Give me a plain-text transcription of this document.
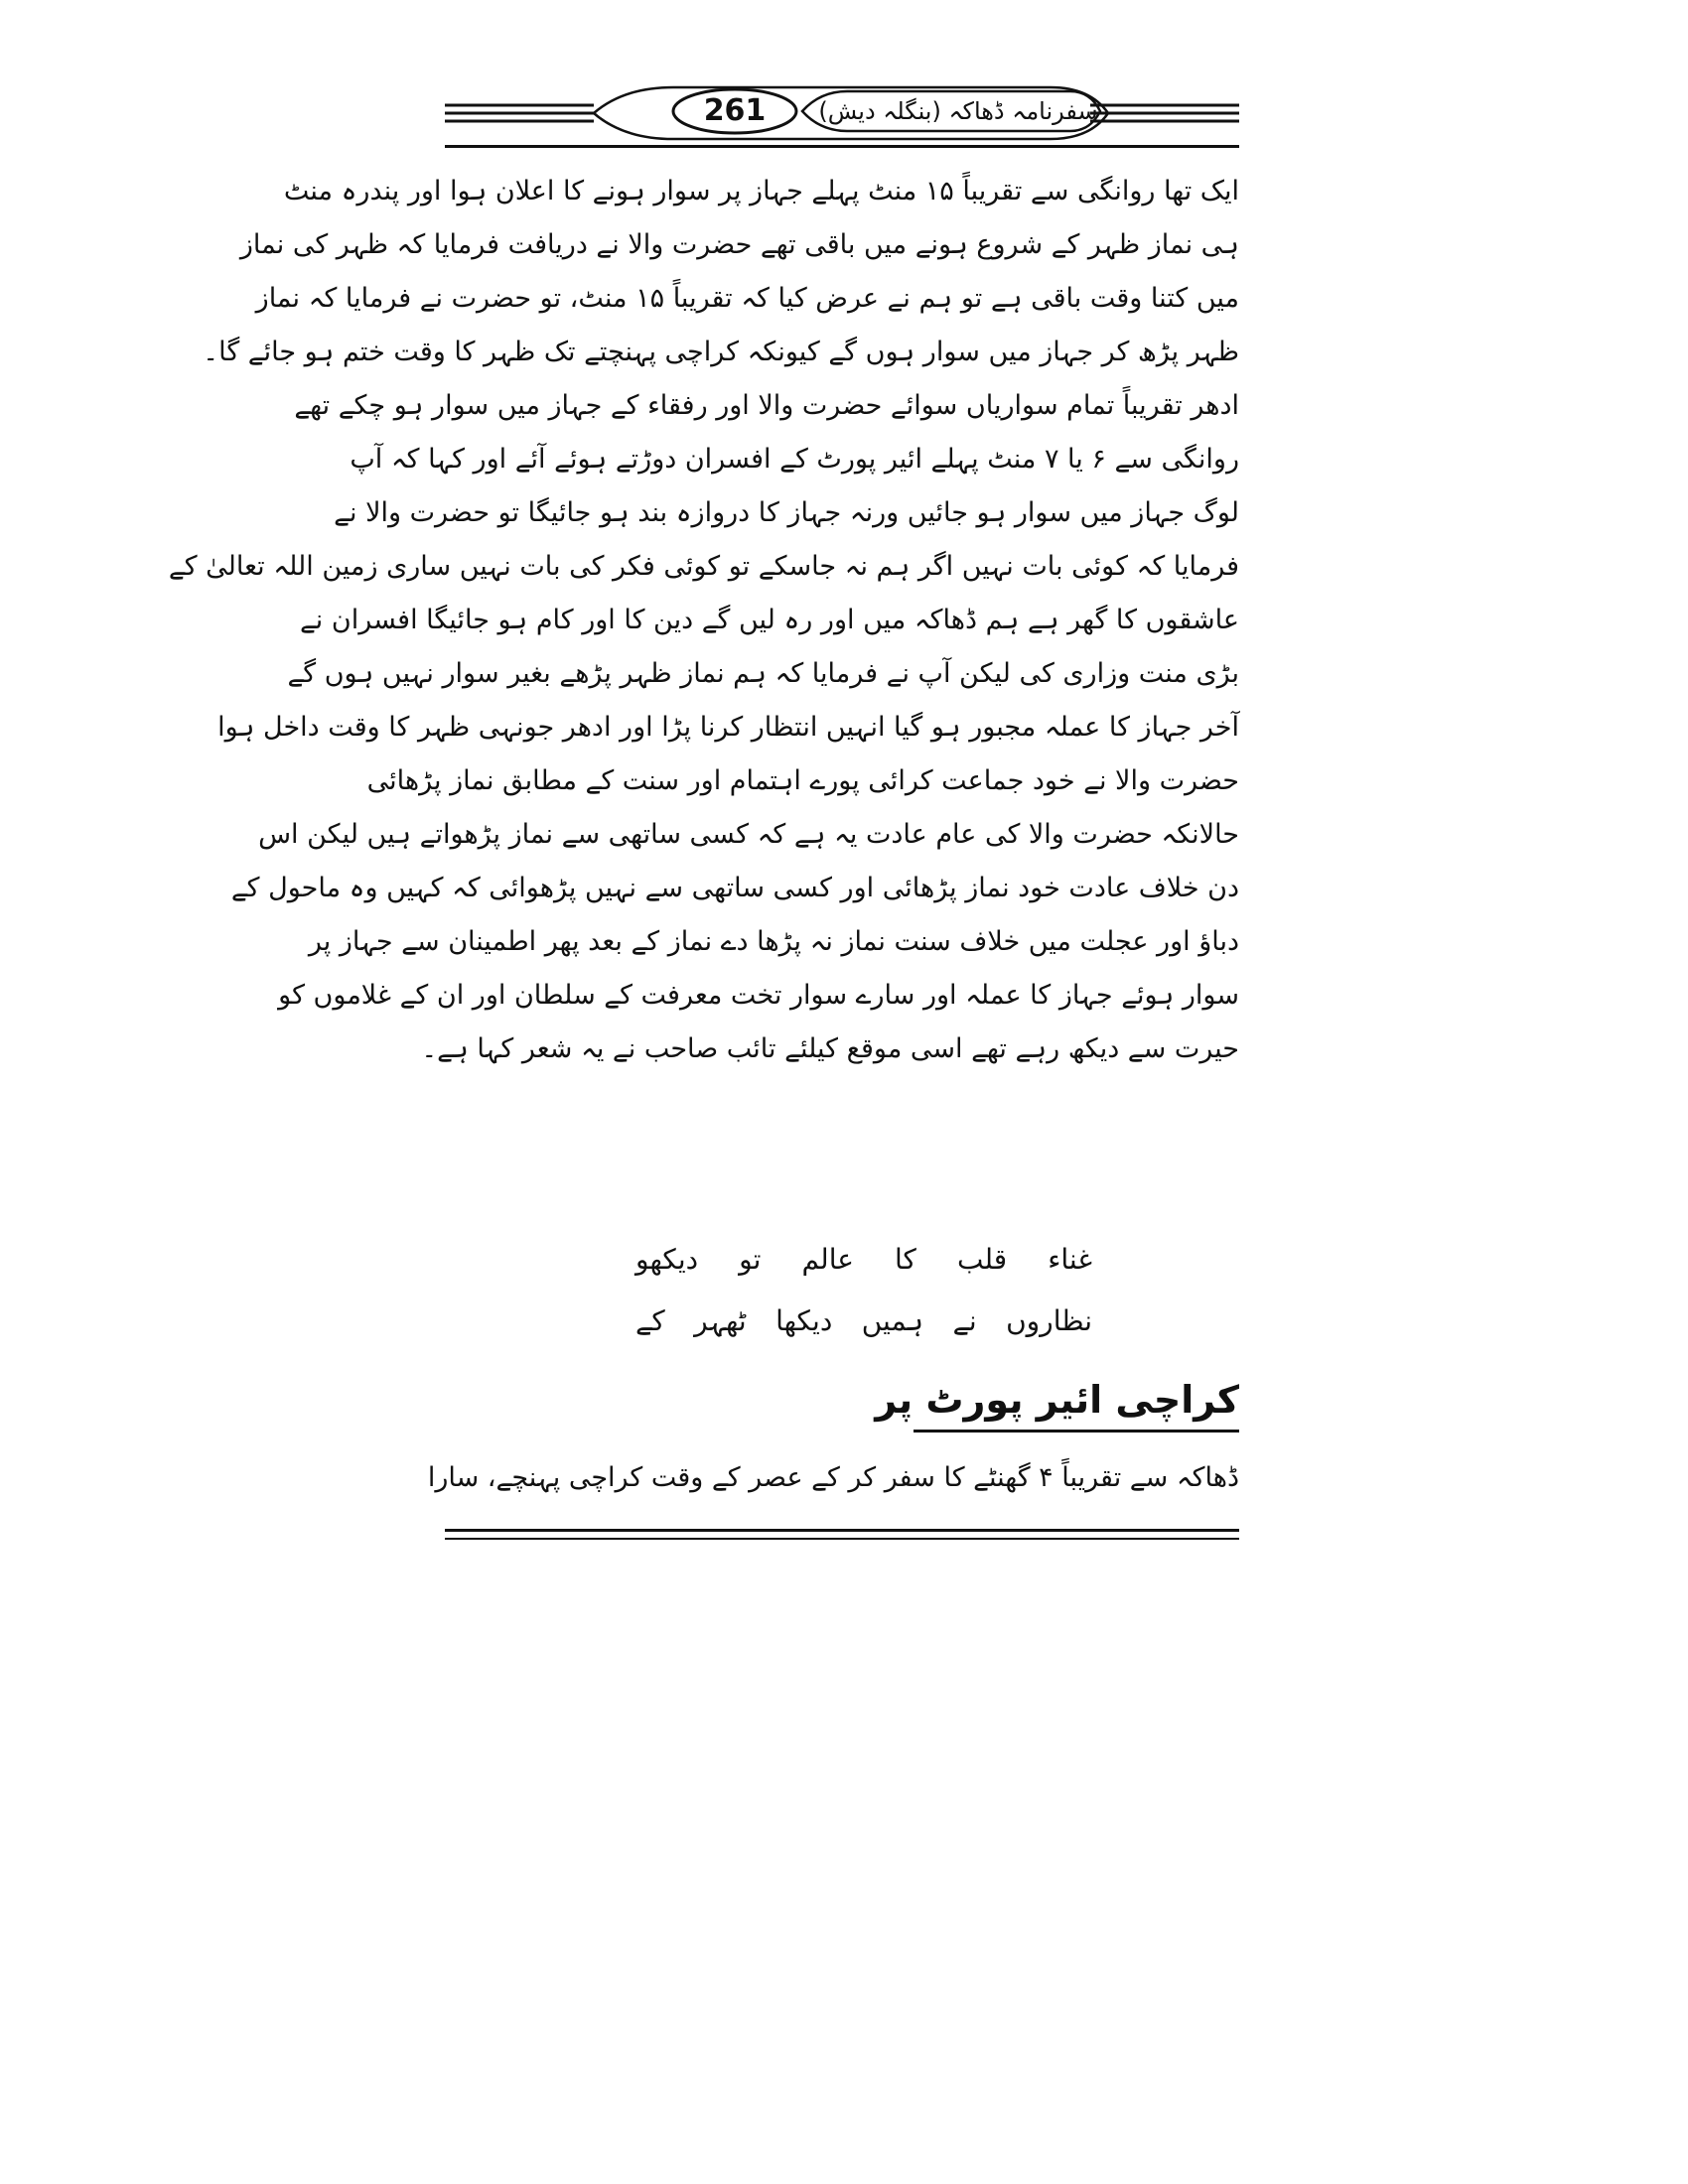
261	سفرنامہ ڈھاکہ (بنگلہ دیش)
ایک تھا روانگی سے تقریباً ۱۵ منٹ پہلے جہاز پر سوار ہونے کا اعلان ہوا اور پندرہ منٹ
ہی نماز ظہر کے شروع ہونے میں باقی تھے حضرت والا نے دریافت فرمایا کہ ظہر کی نماز
میں کتنا وقت باقی ہے تو ہم نے عرض کیا کہ تقریباً ۱۵ منٹ، تو حضرت نے فرمایا کہ نماز
ظہر پڑھ کر جہاز میں سوار ہوں گے کیونکہ کراچی پہنچتے تک ظہر کا وقت ختم ہو جائے گا۔
ادھر تقریباً تمام سواریاں سوائے حضرت والا اور رفقاء کے جہاز میں سوار ہو چکے تھے
روانگی سے ۶ یا ۷ منٹ پہلے ائیر پورٹ کے افسران دوڑتے ہوئے آئے اور کہا کہ آپ
لوگ جہاز میں سوار ہو جائیں ورنہ جہاز کا دروازہ بند ہو جائیگا تو حضرت والا نے
فرمایا کہ کوئی بات نہیں اگر ہم نہ جاسکے تو کوئی فکر کی بات نہیں ساری زمین اللہ تعالیٰ کے
عاشقوں کا گھر ہے ہم ڈھاکہ میں اور رہ لیں گے دین کا اور کام ہو جائیگا افسران نے
بڑی منت وزاری کی لیکن آپ نے فرمایا کہ ہم نماز ظہر پڑھے بغیر سوار نہیں ہوں گے
آخر جہاز کا عملہ مجبور ہو گیا انہیں انتظار کرنا پڑا اور ادھر جونہی ظہر کا وقت داخل ہوا
حضرت والا نے خود جماعت کرائی پورے اہتمام اور سنت کے مطابق نماز پڑھائی
حالانکہ حضرت والا کی عام عادت یہ ہے کہ کسی ساتھی سے نماز پڑھواتے ہیں لیکن اس
دن خلاف عادت خود نماز پڑھائی اور کسی ساتھی سے نہیں پڑھوائی کہ کہیں وہ ماحول کے
دباؤ اور عجلت میں خلاف سنت نماز نہ پڑھا دے نماز کے بعد پھر اطمینان سے جہاز پر
سوار ہوئے جہاز کا عملہ اور سارے سوار تخت معرفت کے سلطان اور ان کے غلاموں کو
حیرت سے دیکھ رہے تھے اسی موقع کیلئے تائب صاحب نے یہ شعر کہا ہے۔
غناء قلب کا عالم تو دیکھو
نظاروں نے ہمیں دیکھا ٹھہر کے
کراچی ائیر پورٹ پر
ڈھاکہ سے تقریباً ۴ گھنٹے کا سفر کر کے عصر کے وقت کراچی پہنچے، سارا
